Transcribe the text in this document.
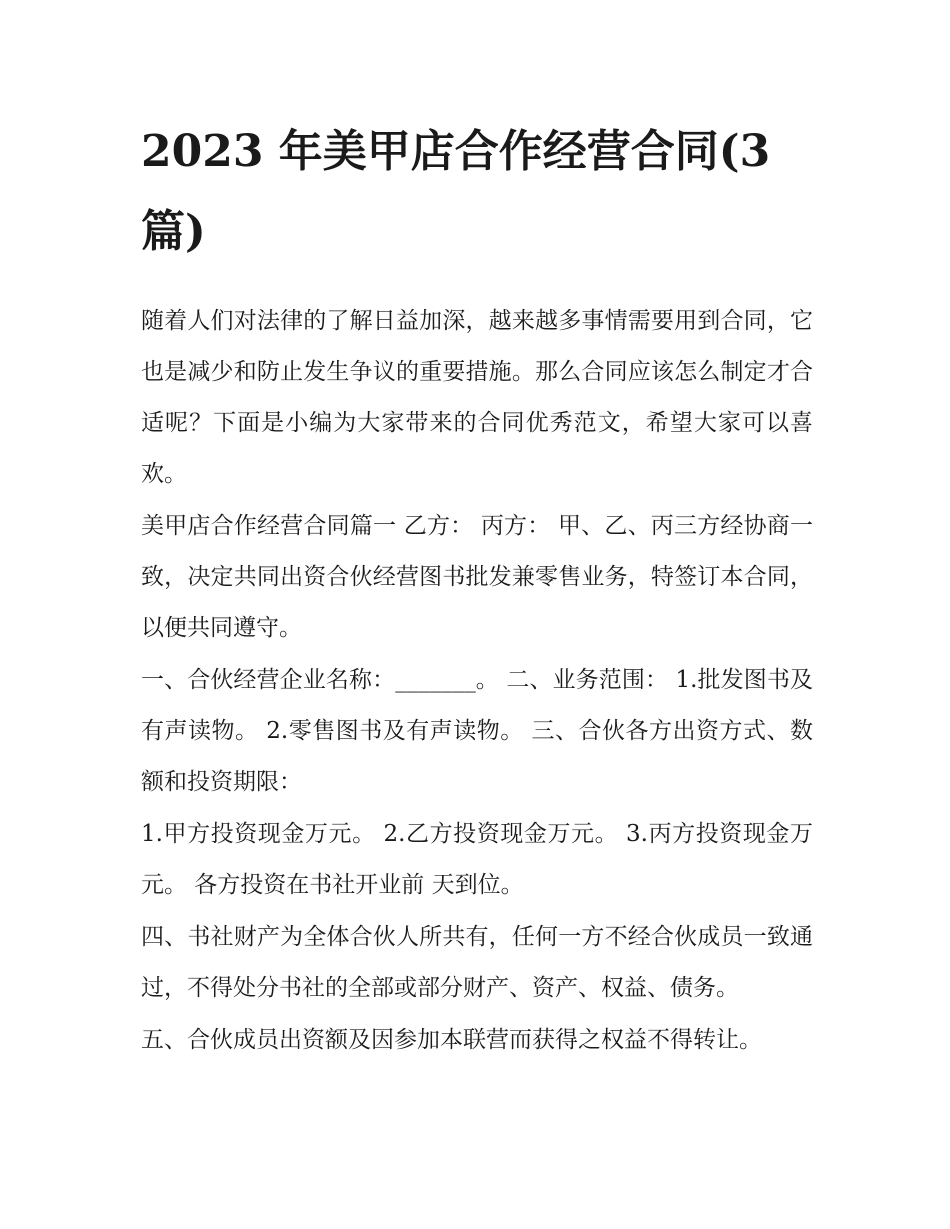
2023 年美甲店合作经营合同(3 篇)

随着人们对法律的了解日益加深，越来越多事情需要用到合同，它也是减少和防止发生争议的重要措施。那么合同应该怎么制定才合适呢？下面是小编为大家带来的合同优秀范文，希望大家可以喜欢。

美甲店合作经营合同篇一 乙方： 丙方： 甲、乙、丙三方经协商一致，决定共同出资合伙经营图书批发兼零售业务，特签订本合同，以便共同遵守。

一、合伙经营企业名称：_______。 二、业务范围： 1.批发图书及有声读物。 2.零售图书及有声读物。 三、合伙各方出资方式、数额和投资期限：

1.甲方投资现金万元。 2.乙方投资现金万元。 3.丙方投资现金万元。 各方投资在书社开业前 天到位。

四、书社财产为全体合伙人所共有，任何一方不经合伙成员一致通过，不得处分书社的全部或部分财产、资产、权益、债务。

五、合伙成员出资额及因参加本联营而获得之权益不得转让。
